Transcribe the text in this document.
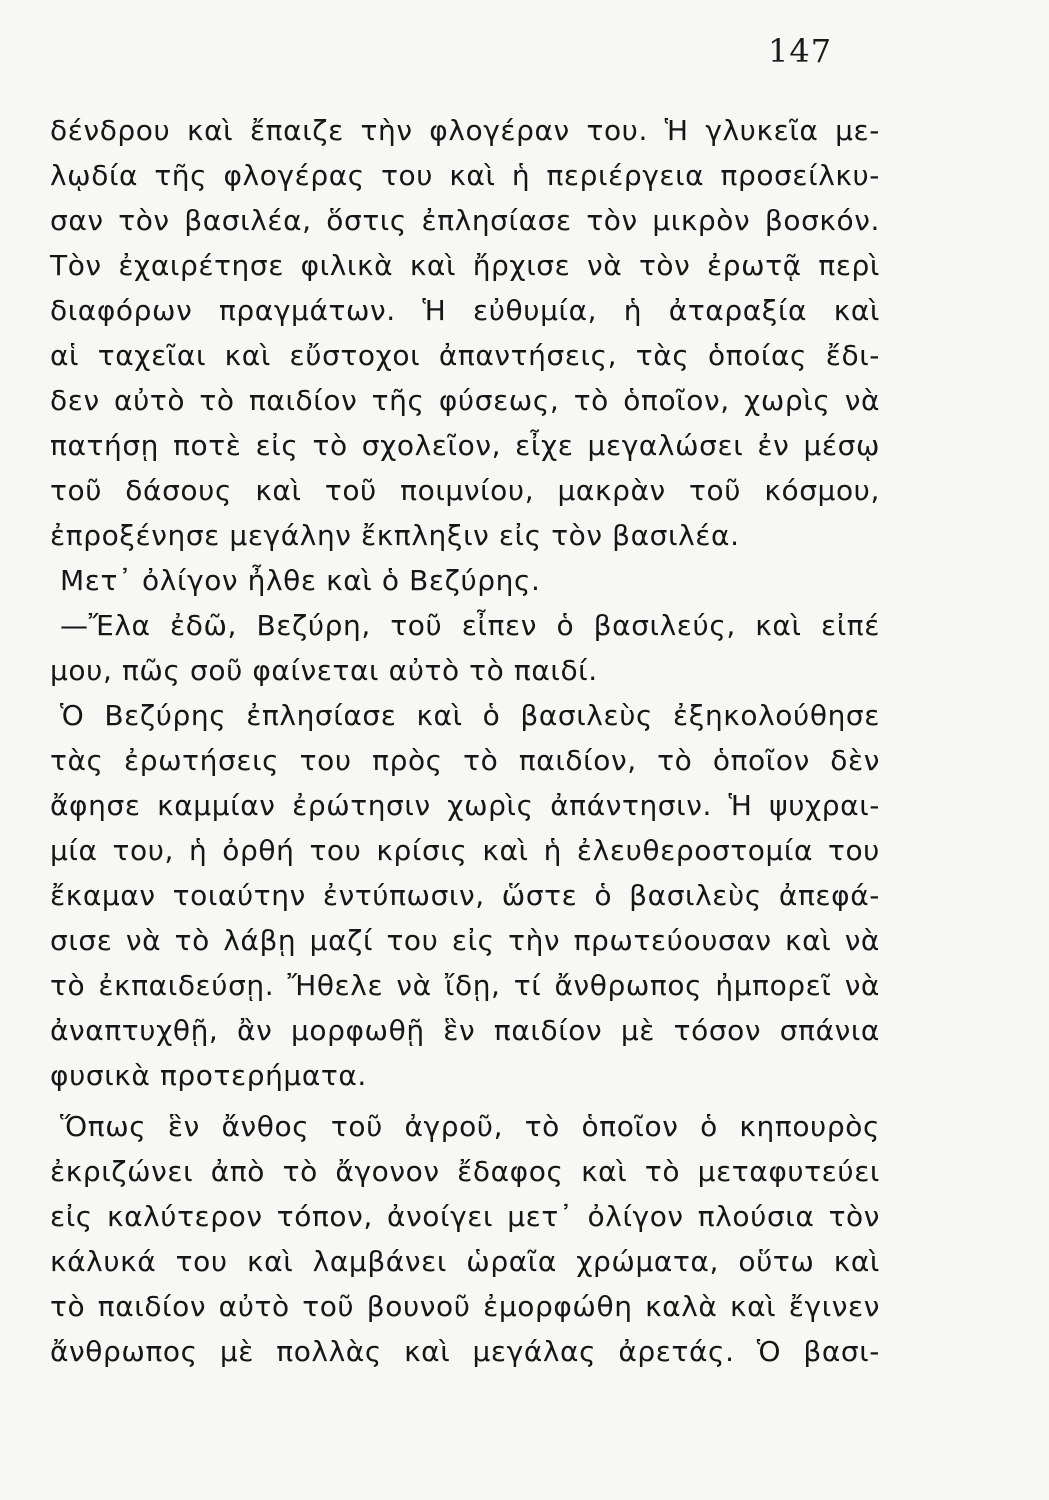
147
δένδρου καὶ ἔπαιζε τὴν φλογέραν του. Ἡ γλυκεῖα με-
λῳδία τῆς φλογέρας του καὶ ἡ περιέργεια προσείλκυ-
σαν τὸν βασιλέα, ὅστις ἐπλησίασε τὸν μικρὸν βοσκόν.
Τὸν ἐχαιρέτησε φιλικὰ καὶ ἤρχισε νὰ τὸν ἐρωτᾷ περὶ
διαφόρων πραγμάτων. Ἡ εὐθυμία, ἡ ἀταραξία καὶ
αἱ ταχεῖαι καὶ εὔστοχοι ἀπαντήσεις, τὰς ὁποίας ἔδι-
δεν αὐτὸ τὸ παιδίον τῆς φύσεως, τὸ ὁποῖον, χωρὶς νὰ
πατήσῃ ποτὲ εἰς τὸ σχολεῖον, εἶχε μεγαλώσει ἐν μέσῳ
τοῦ δάσους καὶ τοῦ ποιμνίου, μακρὰν τοῦ κόσμου,
ἐπροξένησε μεγάλην ἔκπληξιν εἰς τὸν βασιλέα.
Μετ᾽ ὀλίγον ἦλθε καὶ ὁ Βεζύρης.
—Ἔλα ἐδῶ, Βεζύρη, τοῦ εἶπεν ὁ βασιλεύς, καὶ εἰπέ
μου, πῶς σοῦ φαίνεται αὐτὸ τὸ παιδί.
Ὁ Βεζύρης ἐπλησίασε καὶ ὁ βασιλεὺς ἐξηκολούθησε
τὰς ἐρωτήσεις του πρὸς τὸ παιδίον, τὸ ὁποῖον δὲν
ἄφησε καμμίαν ἐρώτησιν χωρὶς ἀπάντησιν. Ἡ ψυχραι-
μία του, ἡ ὀρθή του κρίσις καὶ ἡ ἐλευθεροστομία του
ἔκαμαν τοιαύτην ἐντύπωσιν, ὥστε ὁ βασιλεὺς ἀπεφά-
σισε νὰ τὸ λάβῃ μαζί του εἰς τὴν πρωτεύουσαν καὶ νὰ
τὸ ἐκπαιδεύσῃ. Ἤθελε νὰ ἴδῃ, τί ἄνθρωπος ἠμπορεῖ νὰ
ἀναπτυχθῇ, ἂν μορφωθῇ ἓν παιδίον μὲ τόσον σπάνια
φυσικὰ προτερήματα.
Ὅπως ἓν ἄνθος τοῦ ἀγροῦ, τὸ ὁποῖον ὁ κηπουρὸς
ἐκριζώνει ἀπὸ τὸ ἄγονον ἔδαφος καὶ τὸ μεταφυτεύει
εἰς καλύτερον τόπον, ἀνοίγει μετ᾽ ὀλίγον πλούσια τὸν
κάλυκά του καὶ λαμβάνει ὡραῖα χρώματα, οὕτω καὶ
τὸ παιδίον αὐτὸ τοῦ βουνοῦ ἐμορφώθη καλὰ καὶ ἔγινεν
ἄνθρωπος μὲ πολλὰς καὶ μεγάλας ἀρετάς. Ὁ βασι-
